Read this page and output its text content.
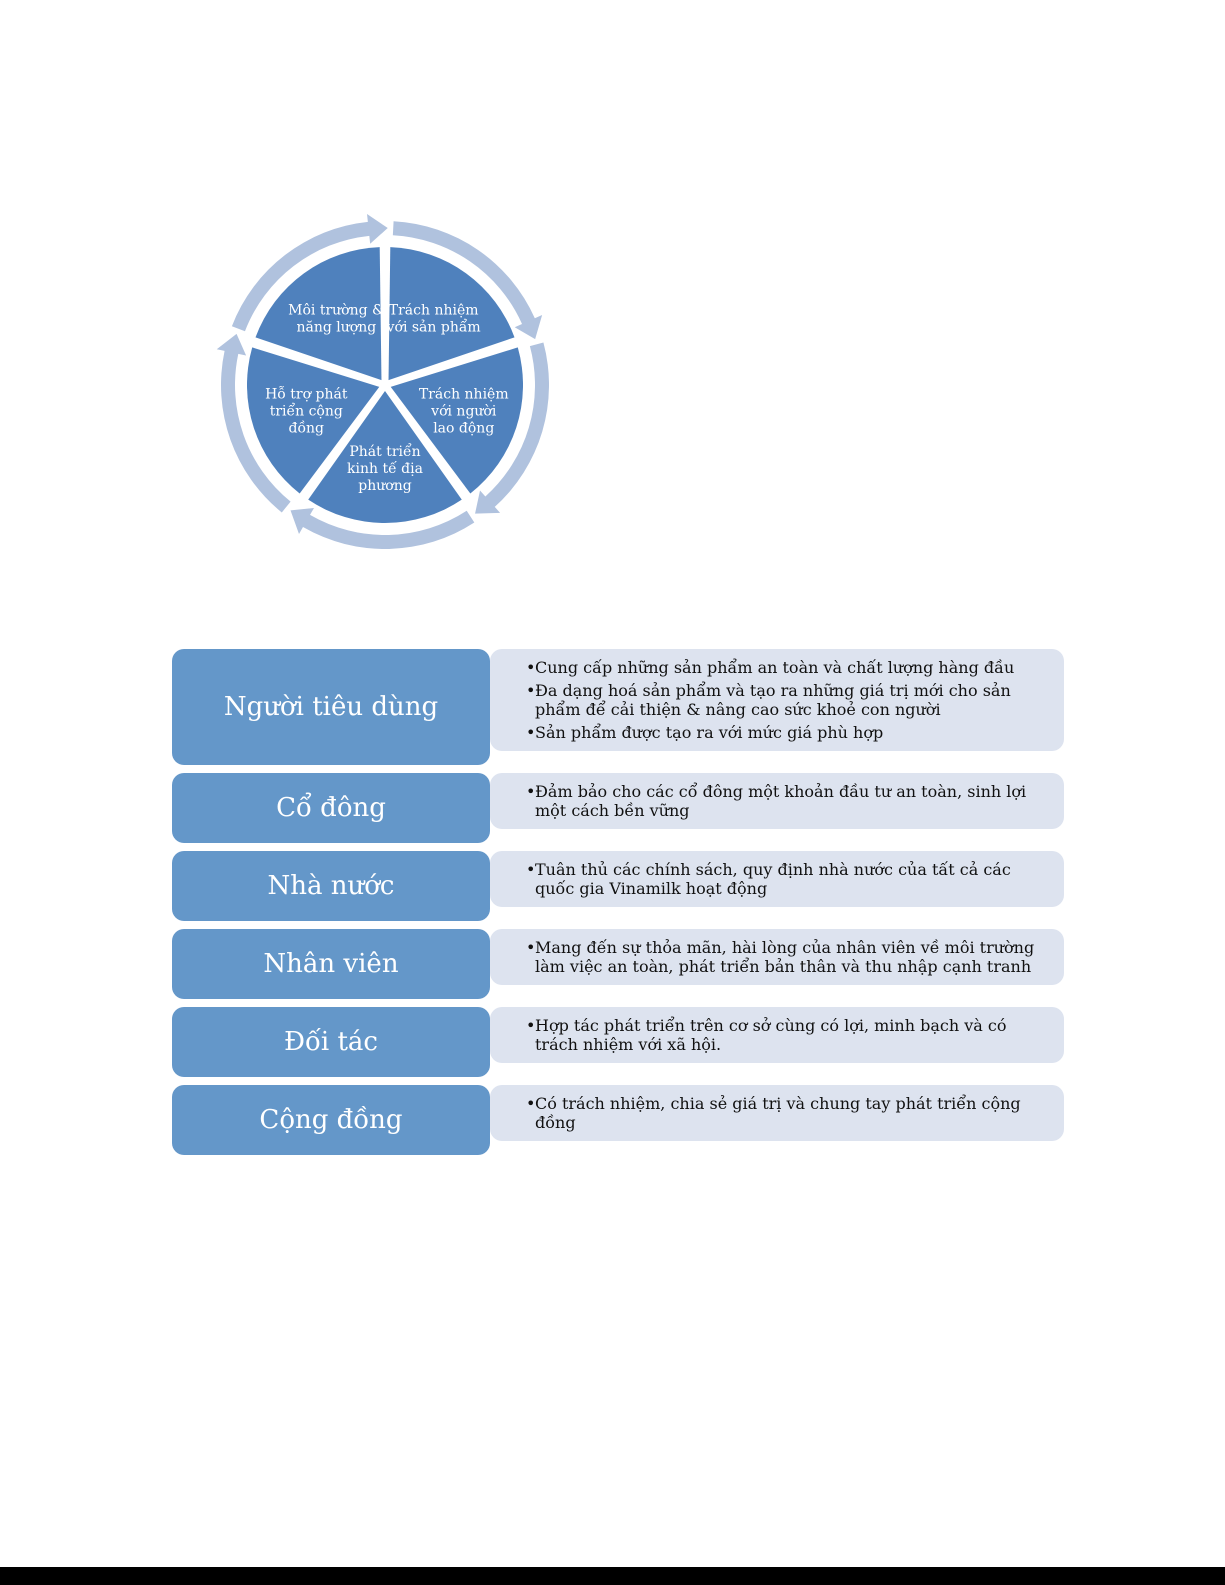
Trách nhiệm với sản phẩm
Trách nhiệm với người lao động
Phát triển kinh tế địa phương
Hỗ trợ phát triển cộng đồng
Môi trường & năng lượng
Người tiêu dùng
• Cung cấp những sản phẩm an toàn và chất lượng hàng đầu
• Đa dạng hoá sản phẩm và tạo ra những giá trị mới cho sản phẩm để cải thiện & nâng cao sức khoẻ con người
• Sản phẩm được tạo ra với mức giá phù hợp
Cổ đông
• Đảm bảo cho các cổ đông một khoản đầu tư an toàn, sinh lợi một cách bền vững
Nhà nước
• Tuân thủ các chính sách, quy định nhà nước của tất cả các quốc gia Vinamilk hoạt động
Nhân viên
• Mang đến sự thỏa mãn, hài lòng của nhân viên về môi trường làm việc an toàn, phát triển bản thân và thu nhập cạnh tranh
Đối tác
• Hợp tác phát triển trên cơ sở cùng có lợi, minh bạch và có trách nhiệm với xã hội.
Cộng đồng
• Có trách nhiệm, chia sẻ giá trị và chung tay phát triển cộng đồng
